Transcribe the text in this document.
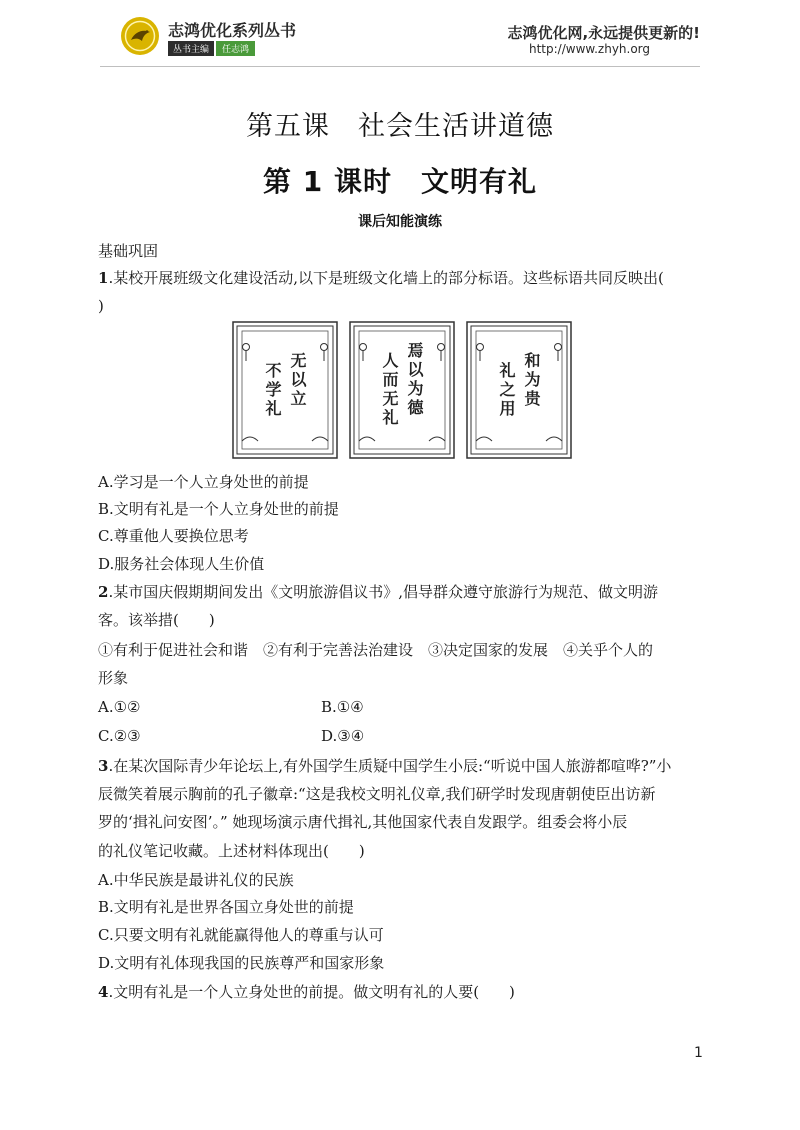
志鸿优化系列丛书
丛书主编 任志鸿
志鸿优化网,永远提供更新的!
http://www.zhyh.org
第五课　社会生活讲道德
第 1 课时　文明有礼
课后知能演练
基础巩固
1.某校开展班级文化建设活动,以下是班级文化墙上的部分标语。这些标语共同反映出(
)
无以立
不学礼	焉以为德
人而无礼	和为贵
礼之用
A.学习是一个人立身处世的前提
B.文明有礼是一个人立身处世的前提
C.尊重他人要换位思考
D.服务社会体现人生价值
2.某市国庆假期期间发出《文明旅游倡议书》,倡导群众遵守旅游行为规范、做文明游
客。该举措(　　)
①有利于促进社会和谐　②有利于完善法治建设　③决定国家的发展　④关乎个人的
形象
A.①②	B.①④
C.②③	D.③④
3.在某次国际青少年论坛上,有外国学生质疑中国学生小辰:“听说中国人旅游都喧哗?”小
辰微笑着展示胸前的孔子徽章:“这是我校文明礼仪章,我们研学时发现唐朝使臣出访新
罗的‘揖礼问安图’。” 她现场演示唐代揖礼,其他国家代表自发跟学。组委会将小辰
的礼仪笔记收藏。上述材料体现出(　　)
A.中华民族是最讲礼仪的民族
B.文明有礼是世界各国立身处世的前提
C.只要文明有礼就能赢得他人的尊重与认可
D.文明有礼体现我国的民族尊严和国家形象
4.文明有礼是一个人立身处世的前提。做文明有礼的人要(　　)
1
